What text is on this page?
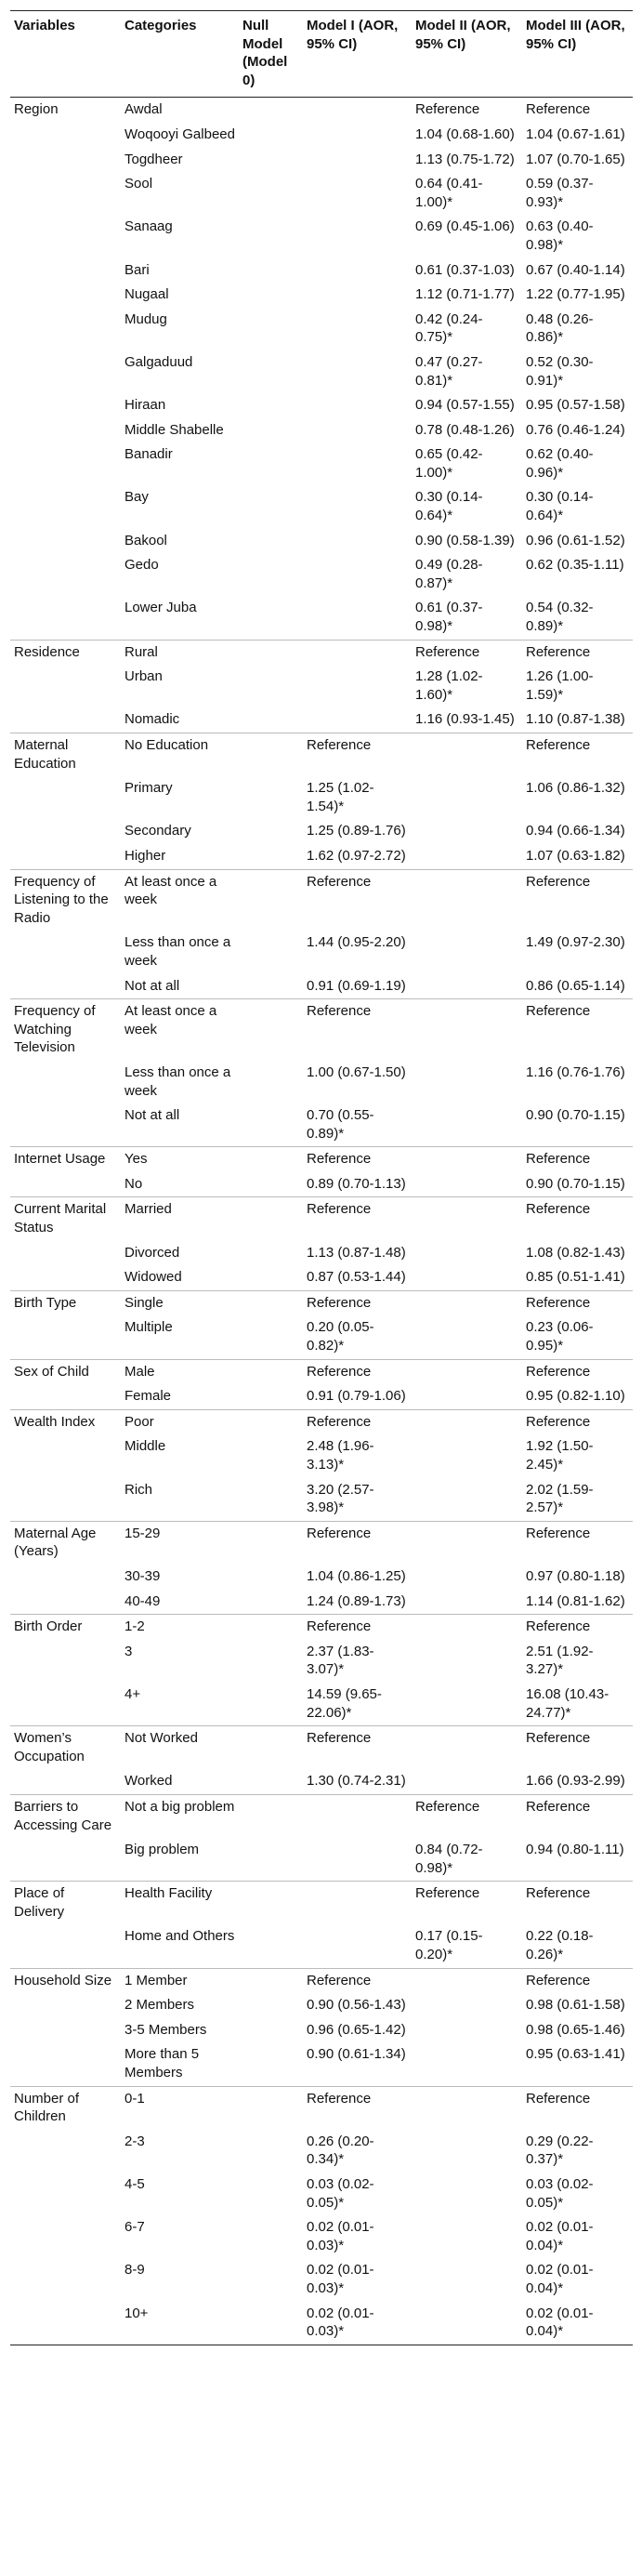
Variables	Categories	Null Model (Model 0)	Model I (AOR, 95% CI)	Model II (AOR, 95% CI)	Model III (AOR, 95% CI)
Region	Awdal			Reference	Reference
	Woqooyi Galbeed			1.04 (0.68-1.60)	1.04 (0.67-1.61)
	Togdheer			1.13 (0.75-1.72)	1.07 (0.70-1.65)
	Sool			0.64 (0.41-1.00)*	0.59 (0.37-0.93)*
	Sanaag			0.69 (0.45-1.06)	0.63 (0.40-0.98)*
	Bari			0.61 (0.37-1.03)	0.67 (0.40-1.14)
	Nugaal			1.12 (0.71-1.77)	1.22 (0.77-1.95)
	Mudug			0.42 (0.24-0.75)*	0.48 (0.26-0.86)*
	Galgaduud			0.47 (0.27-0.81)*	0.52 (0.30-0.91)*
	Hiraan			0.94 (0.57-1.55)	0.95 (0.57-1.58)
	Middle Shabelle			0.78 (0.48-1.26)	0.76 (0.46-1.24)
	Banadir			0.65 (0.42-1.00)*	0.62 (0.40-0.96)*
	Bay			0.30 (0.14-0.64)*	0.30 (0.14-0.64)*
	Bakool			0.90 (0.58-1.39)	0.96 (0.61-1.52)
	Gedo			0.49 (0.28-0.87)*	0.62 (0.35-1.11)
	Lower Juba			0.61 (0.37-0.98)*	0.54 (0.32-0.89)*
Residence	Rural			Reference	Reference
	Urban			1.28 (1.02-1.60)*	1.26 (1.00-1.59)*
	Nomadic			1.16 (0.93-1.45)	1.10 (0.87-1.38)
Maternal Education	No Education		Reference		Reference
	Primary		1.25 (1.02-1.54)*		1.06 (0.86-1.32)
	Secondary		1.25 (0.89-1.76)		0.94 (0.66-1.34)
	Higher		1.62 (0.97-2.72)		1.07 (0.63-1.82)
Frequency of Listening to the Radio	At least once a week		Reference		Reference
	Less than once a week		1.44 (0.95-2.20)		1.49 (0.97-2.30)
	Not at all		0.91 (0.69-1.19)		0.86 (0.65-1.14)
Frequency of Watching Television	At least once a week		Reference		Reference
	Less than once a week		1.00 (0.67-1.50)		1.16 (0.76-1.76)
	Not at all		0.70 (0.55-0.89)*		0.90 (0.70-1.15)
Internet Usage	Yes		Reference		Reference
	No		0.89 (0.70-1.13)		0.90 (0.70-1.15)
Current Marital Status	Married		Reference		Reference
	Divorced		1.13 (0.87-1.48)		1.08 (0.82-1.43)
	Widowed		0.87 (0.53-1.44)		0.85 (0.51-1.41)
Birth Type	Single		Reference		Reference
	Multiple		0.20 (0.05-0.82)*		0.23 (0.06-0.95)*
Sex of Child	Male		Reference		Reference
	Female		0.91 (0.79-1.06)		0.95 (0.82-1.10)
Wealth Index	Poor		Reference		Reference
	Middle		2.48 (1.96-3.13)*		1.92 (1.50-2.45)*
	Rich		3.20 (2.57-3.98)*		2.02 (1.59-2.57)*
Maternal Age (Years)	15-29		Reference		Reference
	30-39		1.04 (0.86-1.25)		0.97 (0.80-1.18)
	40-49		1.24 (0.89-1.73)		1.14 (0.81-1.62)
Birth Order	1-2		Reference		Reference
	3		2.37 (1.83-3.07)*		2.51 (1.92-3.27)*
	4+		14.59 (9.65-22.06)*		16.08 (10.43-24.77)*
Women’s Occupation	Not Worked		Reference		Reference
	Worked		1.30 (0.74-2.31)		1.66 (0.93-2.99)
Barriers to Accessing Care	Not a big problem			Reference	Reference
	Big problem			0.84 (0.72-0.98)*	0.94 (0.80-1.11)
Place of Delivery	Health Facility			Reference	Reference
	Home and Others			0.17 (0.15-0.20)*	0.22 (0.18-0.26)*
Household Size	1 Member		Reference		Reference
	2 Members		0.90 (0.56-1.43)		0.98 (0.61-1.58)
	3-5 Members		0.96 (0.65-1.42)		0.98 (0.65-1.46)
	More than 5 Members		0.90 (0.61-1.34)		0.95 (0.63-1.41)
Number of Children	0-1		Reference		Reference
	2-3		0.26 (0.20-0.34)*		0.29 (0.22-0.37)*
	4-5		0.03 (0.02-0.05)*		0.03 (0.02-0.05)*
	6-7		0.02 (0.01-0.03)*		0.02 (0.01-0.04)*
	8-9		0.02 (0.01-0.03)*		0.02 (0.01-0.04)*
	10+		0.02 (0.01-0.03)*		0.02 (0.01-0.04)*
